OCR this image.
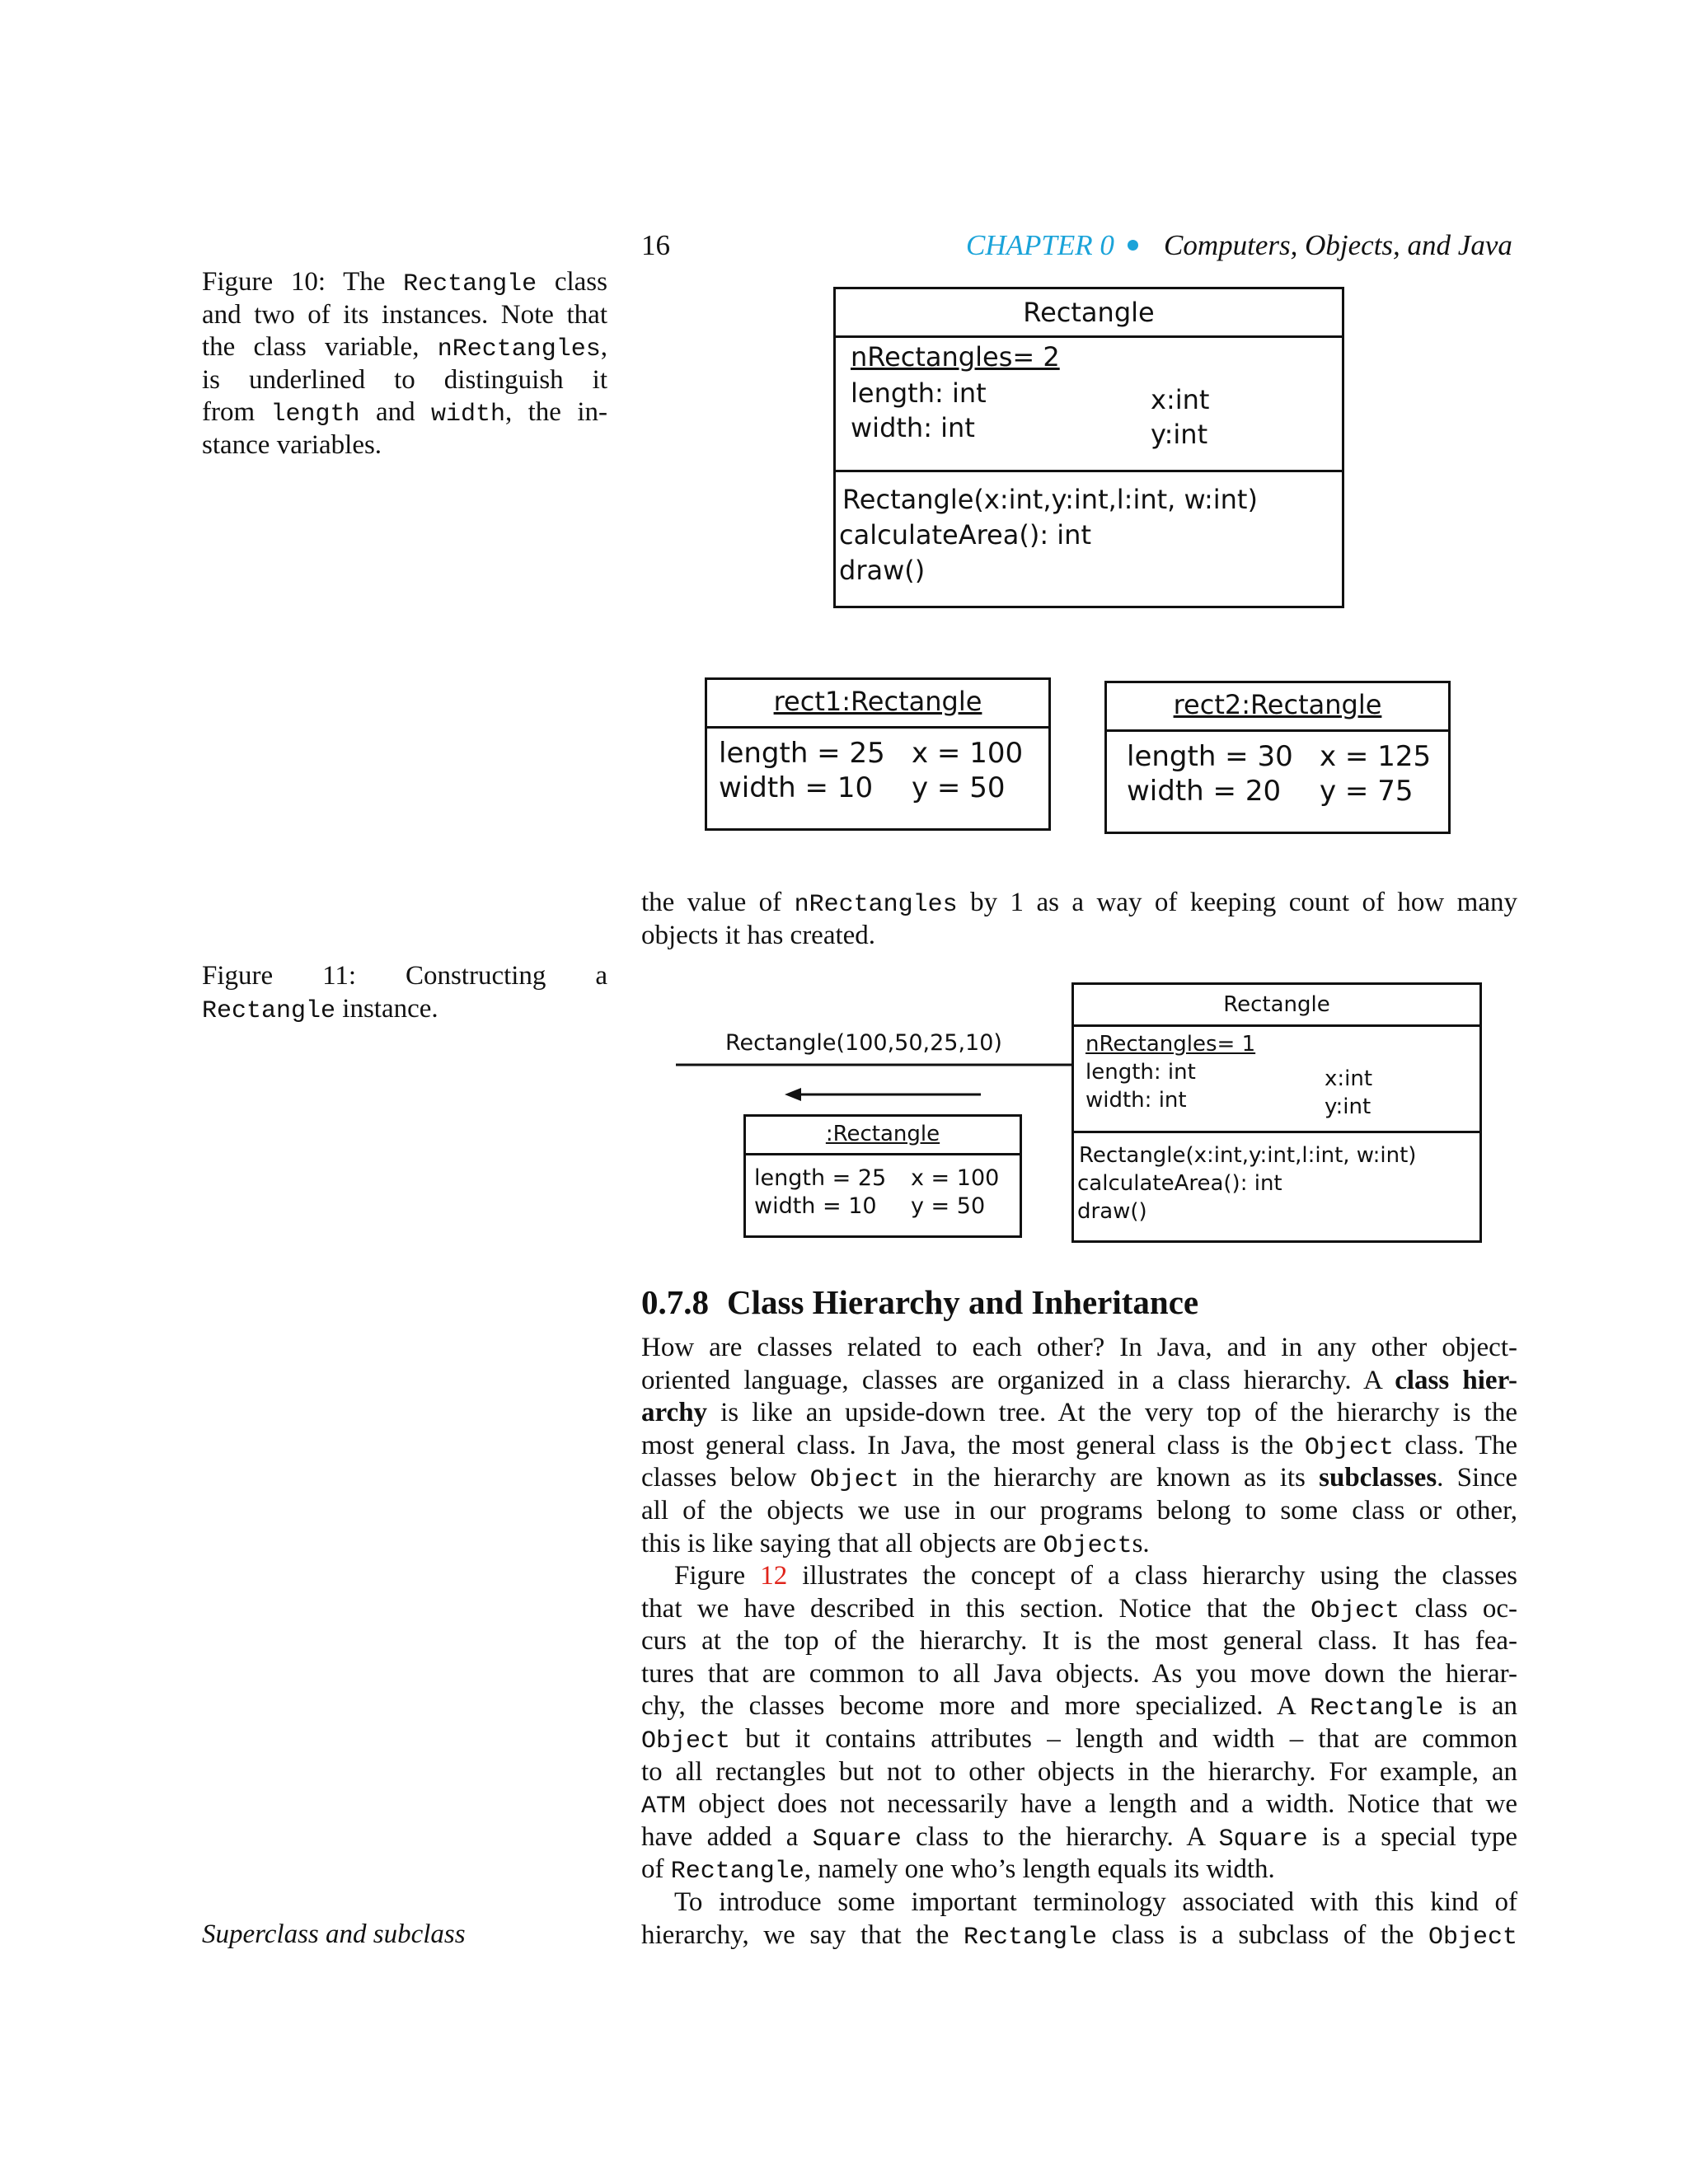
16	CHAPTER 0 Computers, Objects, and Java
Figure 10: The Rectangle class
and two of its instances. Note that
the class variable, nRectangles,
is underlined to distinguish it
from length and width, the in-
stance variables.
Rectangle
nRectangles= 2
length: int
width: int
x:int
y:int
Rectangle(x:int,y:int,l:int, w:int)
calculateArea(): int
draw()
rect1:Rectangle
length = 25
width = 10
x = 100
y = 50
rect2:Rectangle
length = 30
width = 20
x = 125
y = 75
the value of nRectangles by 1 as a way of keeping count of how many
objects it has created.
Figure 11: Constructing a
Rectangle instance.
Rectangle(100,50,25,10)
:Rectangle
length = 25
width = 10
x = 100
y = 50
Rectangle
nRectangles= 1
length: int
width: int
x:int
y:int
Rectangle(x:int,y:int,l:int, w:int)
calculateArea(): int
draw()
0.7.8 Class Hierarchy and Inheritance
How are classes related to each other? In Java, and in any other object-
oriented language, classes are organized in a class hierarchy. A class hier-
archy is like an upside-down tree. At the very top of the hierarchy is the
most general class. In Java, the most general class is the Object class. The
classes below Object in the hierarchy are known as its subclasses. Since
all of the objects we use in our programs belong to some class or other,
this is like saying that all objects are Objects.
Figure 12 illustrates the concept of a class hierarchy using the classes
that we have described in this section. Notice that the Object class oc-
curs at the top of the hierarchy. It is the most general class. It has fea-
tures that are common to all Java objects. As you move down the hierar-
chy, the classes become more and more specialized. A Rectangle is an
Object but it contains attributes – length and width – that are common
to all rectangles but not to other objects in the hierarchy. For example, an
ATM object does not necessarily have a length and a width. Notice that we
have added a Square class to the hierarchy. A Square is a special type
of Rectangle, namely one who’s length equals its width.
To introduce some important terminology associated with this kind of
hierarchy, we say that the Rectangle class is a subclass of the Object
Superclass and subclass
